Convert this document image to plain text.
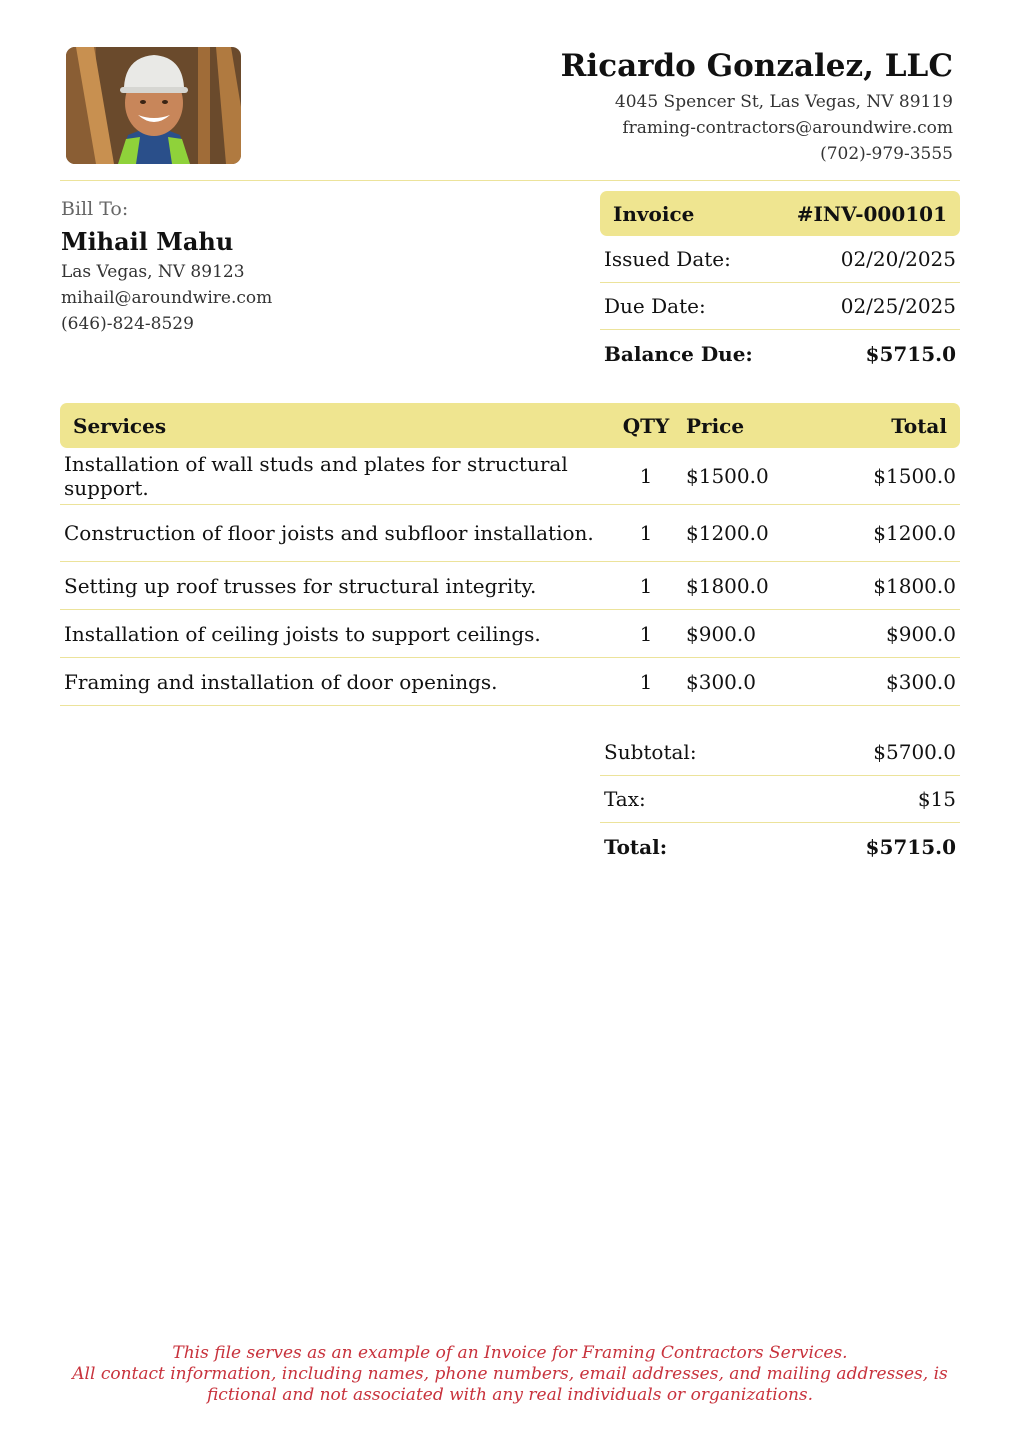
Ricardo Gonzalez, LLC
4045 Spencer St, Las Vegas, NV 89119
framing-contractors@aroundwire.com
(702)-979-3555
Bill To:
Mihail Mahu
Las Vegas, NV 89123
mihail@aroundwire.com
(646)-824-8529
Invoice	#INV-000101
Issued Date:	02/20/2025
Due Date:	02/25/2025
Balance Due:	$5715.0
Services	QTY Price	Total
Installation of wall studs and plates for structural support.	1	$1500.0	$1500.0
Construction of floor joists and subfloor installation.	1	$1200.0	$1200.0
Setting up roof trusses for structural integrity.	1	$1800.0	$1800.0
Installation of ceiling joists to support ceilings.	1	$900.0	$900.0
Framing and installation of door openings.	1	$300.0	$300.0
Subtotal:	$5700.0
Tax:	$15
Total:	$5715.0
This file serves as an example of an Invoice for Framing Contractors Services.
All contact information, including names, phone numbers, email addresses, and mailing addresses, is
fictional and not associated with any real individuals or organizations.
